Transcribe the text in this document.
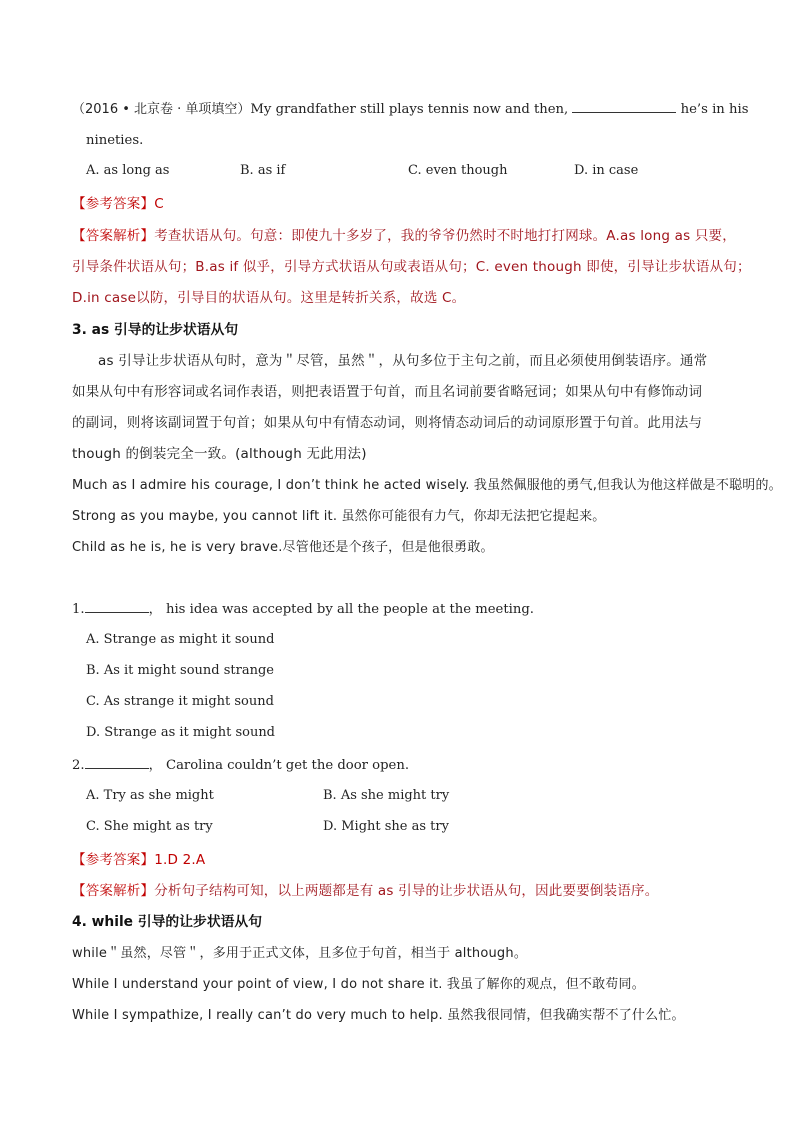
（2016 • 北京卷 · 单项填空）My grandfather still plays tennis now and then,	he’s in his
nineties.
A. as long as	B. as if	C. even though	D. in case
【参考答案】C
【答案解析】考查状语从句。句意：即使九十多岁了，我的爷爷仍然时不时地打打网球。A.as long as 只要，
引导条件状语从句；B.as if 似乎，引导方式状语从句或表语从句；C. even though 即使，引导让步状语从句；
D.in case以防，引导目的状语从句。这里是转折关系，故选 C。
3. as 引导的让步状语从句
as 引导让步状语从句时，意为＂尽管，虽然＂，从句多位于主句之前，而且必须使用倒装语序。通常
如果从句中有形容词或名词作表语，则把表语置于句首，而且名词前要省略冠词；如果从句中有修饰动词
的副词，则将该副词置于句首；如果从句中有情态动词，则将情态动词后的动词原形置于句首。此用法与
though 的倒装完全一致。(although 无此用法)
Much as I admire his courage, I don’t think he acted wisely. 我虽然佩服他的勇气,但我认为他这样做是不聪明的。
Strong as you maybe, you cannot lift it. 虽然你可能很有力气，你却无法把它提起来。
Child as he is, he is very brave.尽管他还是个孩子，但是他很勇敢。
1.	， his idea was accepted by all the people at the meeting.
A. Strange as might it sound
B. As it might sound strange
C. As strange it might sound
D. Strange as it might sound
2.	， Carolina couldn’t get the door open.
A. Try as she might	B. As she might try
C. She might as try	D. Might she as try
【参考答案】1.D 2.A
【答案解析】分析句子结构可知，以上两题都是有 as 引导的让步状语从句，因此要要倒装语序。
4. while 引导的让步状语从句
while＂虽然，尽管＂，多用于正式文体，且多位于句首，相当于 although。
While I understand your point of view, I do not share it. 我虽了解你的观点，但不敢苟同。
While I sympathize, I really can’t do very much to help. 虽然我很同情，但我确实帮不了什么忙。
